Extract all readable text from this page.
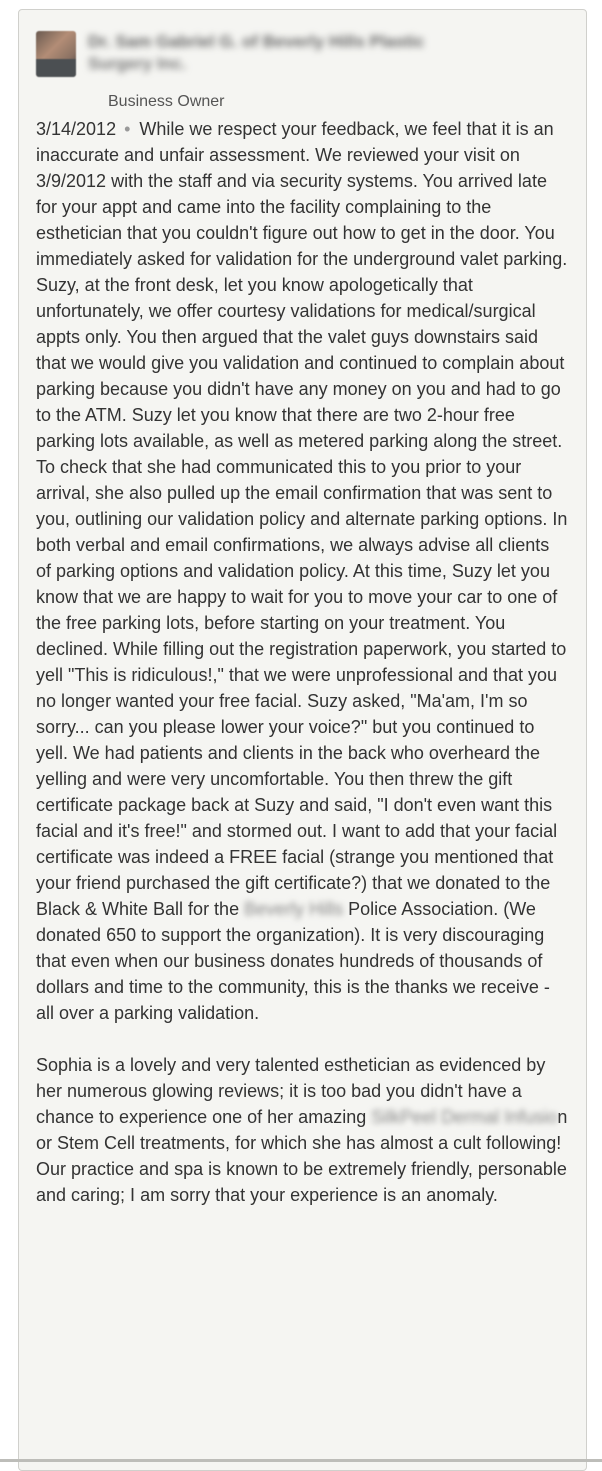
Dr. Sam Gabriel G. of Beverly Hills Plastic
Surgery Inc.
Business Owner

3/14/2012 • While we respect your feedback, we feel that it is an inaccurate and unfair assessment. We reviewed your visit on 3/9/2012 with the staff and via security systems. You arrived late for your appt and came into the facility complaining to the esthetician that you couldn't figure out how to get in the door. You immediately asked for validation for the underground valet parking. Suzy, at the front desk, let you know apologetically that unfortunately, we offer courtesy validations for medical/surgical appts only. You then argued that the valet guys downstairs said that we would give you validation and continued to complain about parking because you didn't have any money on you and had to go to the ATM. Suzy let you know that there are two 2-hour free parking lots available, as well as metered parking along the street. To check that she had communicated this to you prior to your arrival, she also pulled up the email confirmation that was sent to you, outlining our validation policy and alternate parking options. In both verbal and email confirmations, we always advise all clients of parking options and validation policy. At this time, Suzy let you know that we are happy to wait for you to move your car to one of the free parking lots, before starting on your treatment. You declined. While filling out the registration paperwork, you started to yell "This is ridiculous!," that we were unprofessional and that you no longer wanted your free facial. Suzy asked, "Ma'am, I'm so sorry... can you please lower your voice?" but you continued to yell. We had patients and clients in the back who overheard the yelling and were very uncomfortable. You then threw the gift certificate package back at Suzy and said, "I don't even want this facial and it's free!" and stormed out. I want to add that your facial certificate was indeed a FREE facial (strange you mentioned that your friend purchased the gift certificate?) that we donated to the Black & White Ball for the Beverly Hills Police Association. (We donated 650 to support the organization). It is very discouraging that even when our business donates hundreds of thousands of dollars and time to the community, this is the thanks we receive - all over a parking validation.

Sophia is a lovely and very talented esthetician as evidenced by her numerous glowing reviews; it is too bad you didn't have a chance to experience one of her amazing SilkPeel Dermal Infusion or Stem Cell treatments, for which she has almost a cult following! Our practice and spa is known to be extremely friendly, personable and caring; I am sorry that your experience is an anomaly.
